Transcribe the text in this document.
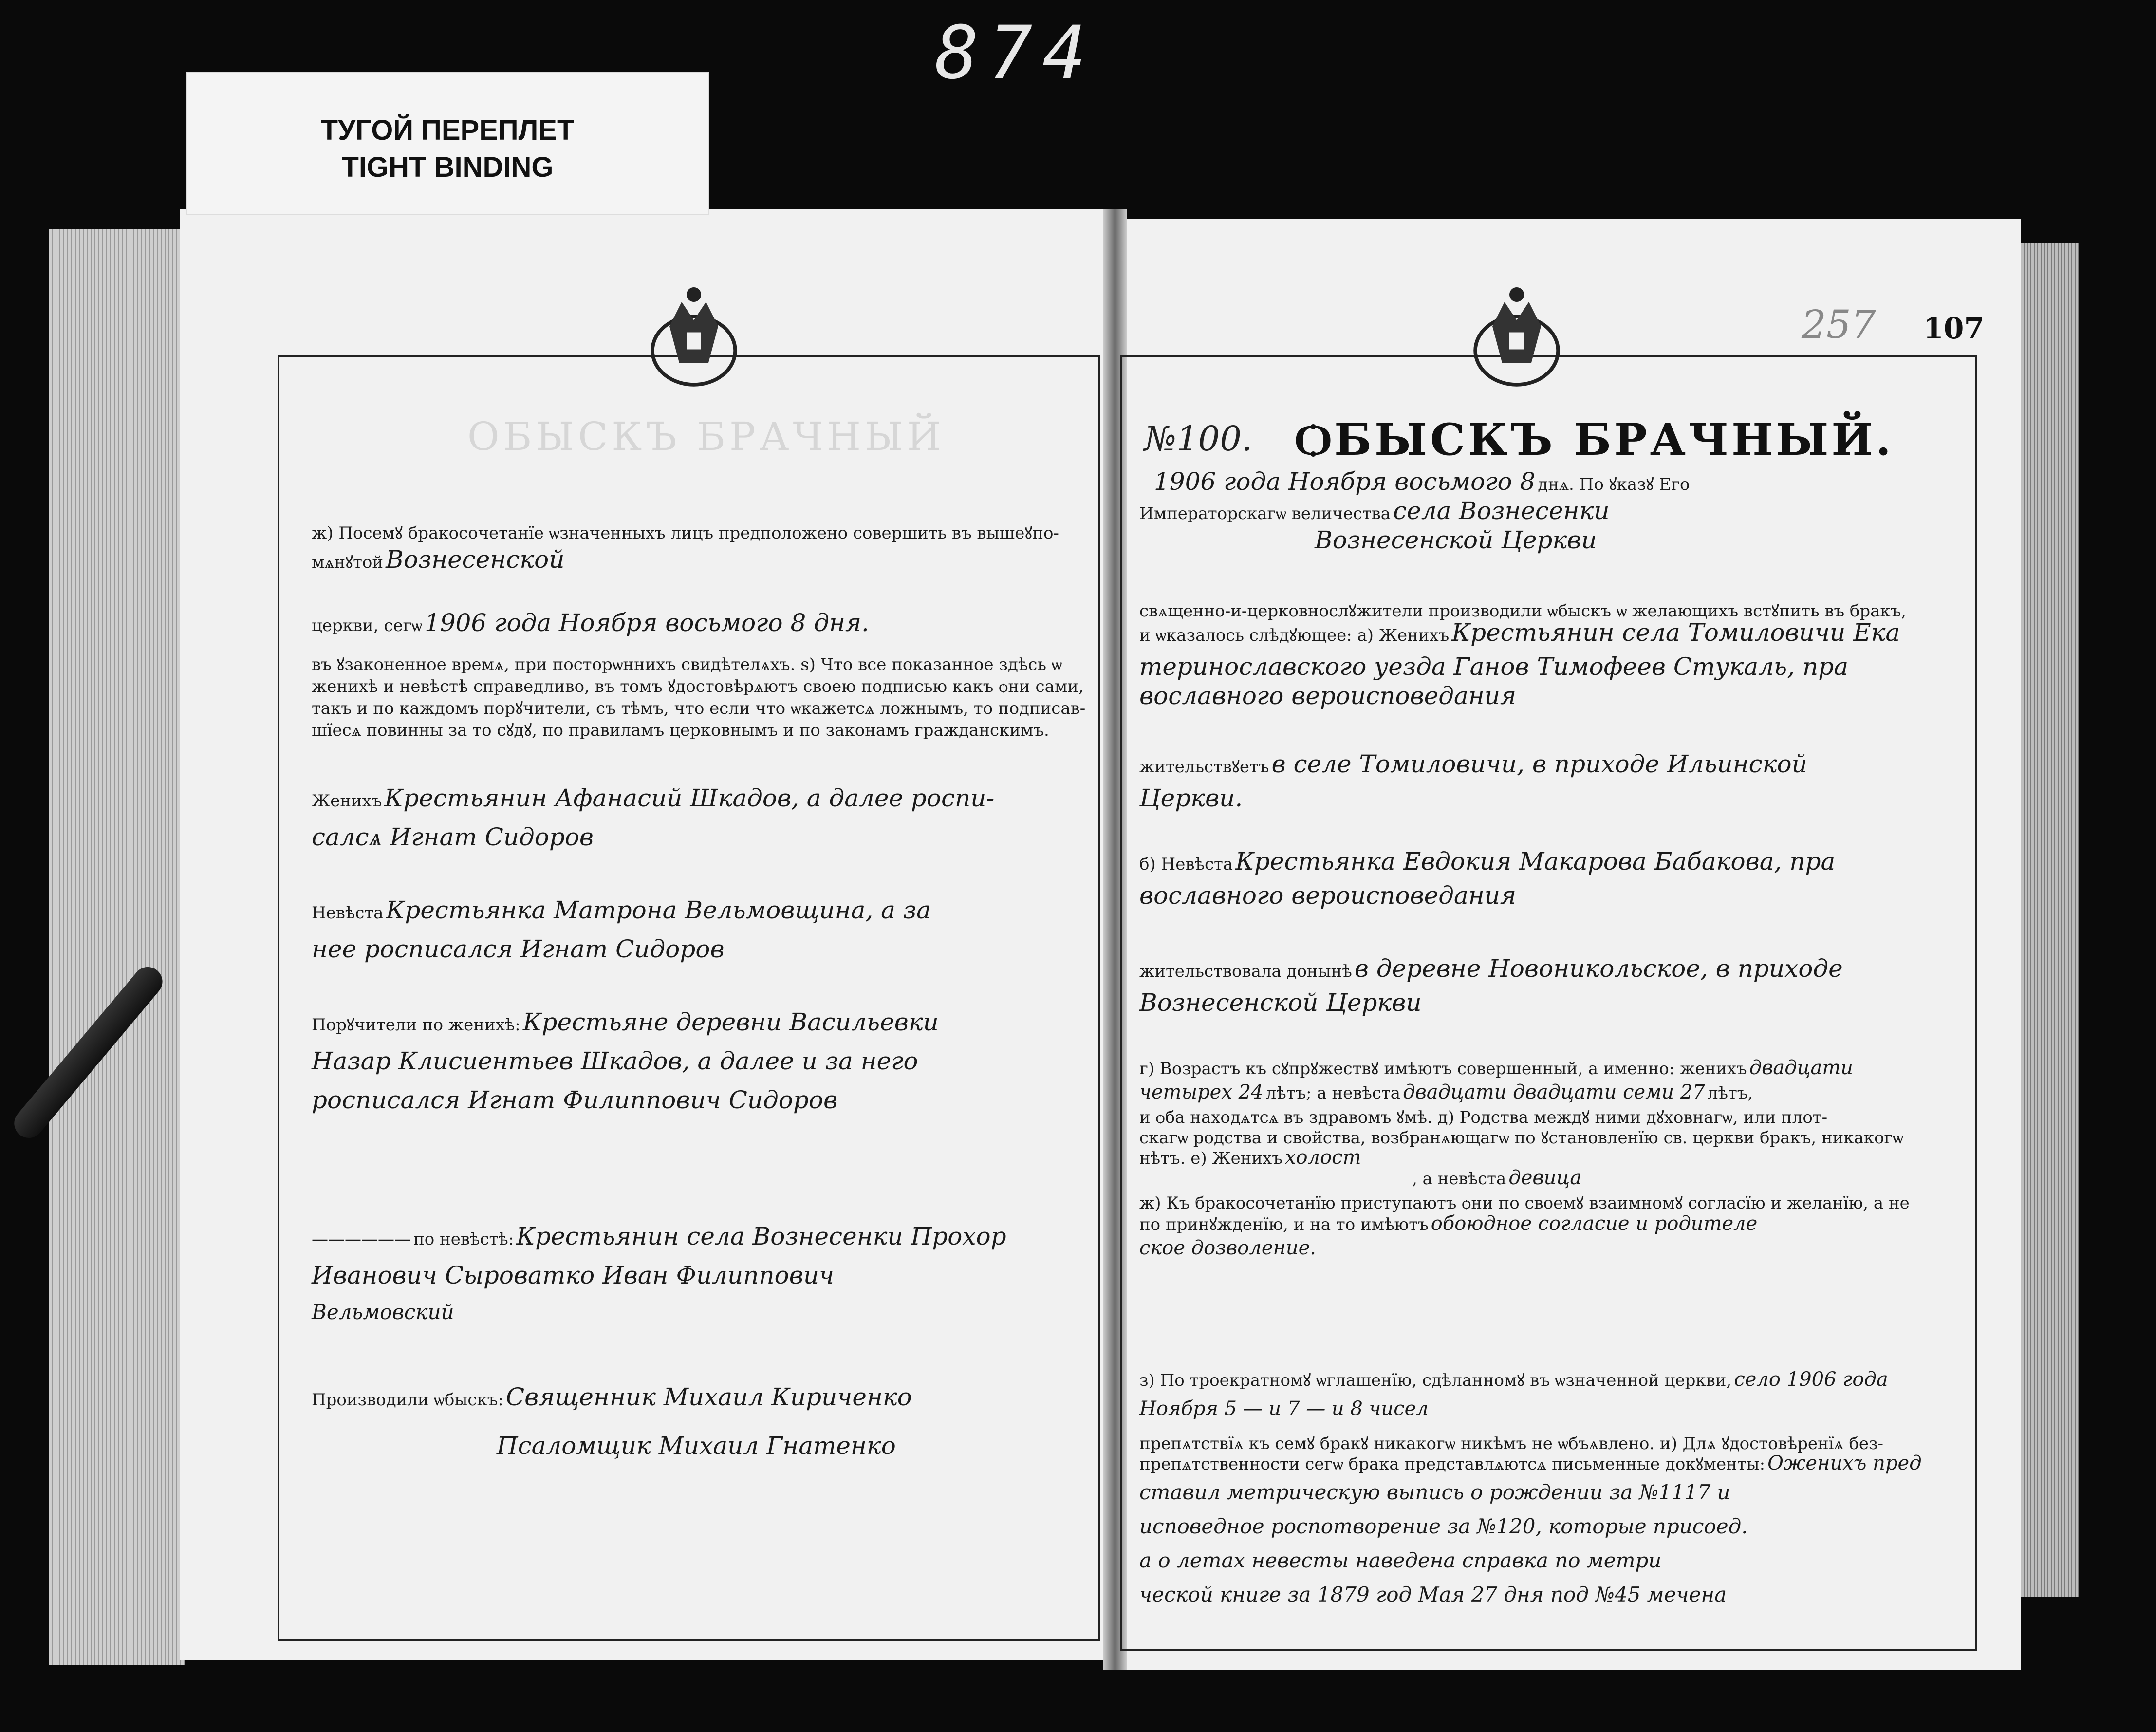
874
ТУГОЙ ПЕРЕПЛЕТ
TIGHT BINDING
ОБЫСКЪ БРАЧНЫЙ
ж) Посемꙋ бракосочетанїе ѡзначенныхъ лицъ предположено совершить въ вышеꙋпо-
мѧнꙋтой Вознесенской
церкви, сегѡ 1906 года Ноября восьмого 8 дня.
въ ꙋзаконенное времѧ, при посторѡннихъ свидѣтелѧхъ. ѕ) Что все показанное здѣсь ѡ
женихѣ и невѣстѣ справедливо, въ томъ ꙋдостовѣрѧютъ своею подписью какъ ѻни сами,
такъ и по каждомъ порꙋчители, съ тѣмъ, что если что ѡкажетсѧ ложнымъ, то подписав-
шїесѧ повинны за то сꙋдꙋ, по правиламъ церковнымъ и по законамъ гражданскимъ.
Женихъ Крестьянин Афанасий Шкадов, а далее роспи-
салсѧ Игнат Сидоров
Невѣста Крестьянка Матрона Вельмовщина, а за
нее росписался Игнат Сидоров
Порꙋчители по женихѣ: Крестьяне деревни Васильевки
Назар Клисиентьев Шкадов, а далее и за него
росписался Игнат Филиппович Сидоров
—————— по невѣстѣ: Крестьянин села Вознесенки Прохор
Иванович Сыроватко Иван Филиппович
Вельмовский
Производили ѡбыскъ: Священник Михаил Кириченко
Псаломщик Михаил Гнатенко
257 107
№100. ѺБЫСКЪ БРАЧНЫЙ.
1906 года Ноября восьмого 8 днѧ. По ꙋказꙋ Его
Императорскагѡ величества села Вознесенки
Вознесенской Церкви
свѧщенно-и-церковнослꙋжители производили ѡбыскъ ѡ желающихъ встꙋпить въ бракъ,
и ѡказалось слѣдꙋющее: а) Женихъ Крестьянин села Томиловичи Ека
теринославского уезда Ганов Тимофеев Стукаль, пра
вославного вероисповедания
жительствꙋетъ в селе Томиловичи, в приходе Ильинской
Церкви.
б) Невѣста Крестьянка Евдокия Макарова Бабакова, пра
вославного вероисповедания
жительствовала донынѣ в деревне Новоникольское, в приходе
Вознесенской Церкви
г) Возрастъ къ сꙋпрꙋжествꙋ имѣютъ совершенный, а именно: женихъ двадцати
четырех 24 лѣтъ; а невѣста двадцати двадцати семи 27 лѣтъ,
и ѻба находѧтсѧ въ здравомъ ꙋмѣ. д) Родства междꙋ ними дꙋховнагѡ, или плот-
скагѡ родства и свойства, возбранѧющагѡ по ꙋстановленїю св. церкви бракъ, никакогѡ
нѣтъ. е) Женихъ холост
, а невѣста девица
ж) Къ бракосочетанїю приступаютъ ѻни по своемꙋ взаимномꙋ согласїю и желанїю, а не
по принꙋжденїю, и на то имѣютъ обоюдное согласие и родителе
ское дозволение.
з) По троекратномꙋ ѡглашенїю, сдѣланномꙋ въ ѡзначенной церкви, село 1906 года
Ноября 5 — и 7 — и 8 чисел
препѧтствїѧ къ семꙋ бракꙋ никакогѡ никѣмъ не ѡбъѧвлено. и) Длѧ ꙋдостовѣренїѧ без-
препѧтственности сегѡ брака представлѧютсѧ письменные докꙋменты: Оженихъ пред
ставил метрическую выпись о рождении за №1117 и
исповедное роспотворение за №120, которые присоед.
а о летах невесты наведена справка по метри
ческой книге за 1879 год Мая 27 дня под №45 мечена
